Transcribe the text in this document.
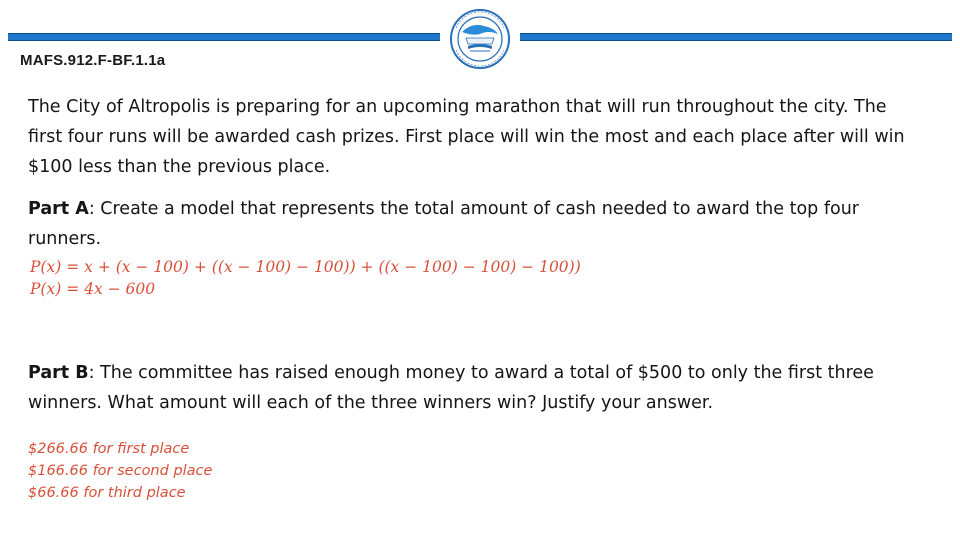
MAFS.912.F-BF.1.1a

The City of Altropolis is preparing for an upcoming marathon that will run throughout the city. The first four runs will be awarded cash prizes. First place will win the most and each place after will win $100 less than the previous place.

Part A: Create a model that represents the total amount of cash needed to award the top four runners.

P(x) = x + (x − 100) + ((x − 100) − 100)) + ((x − 100) − 100) − 100))
P(x) = 4x − 600

Part B: The committee has raised enough money to award a total of $500 to only the first three winners. What amount will each of the three winners win? Justify your answer.

$266.66 for first place
$166.66 for second place
$66.66 for third place
